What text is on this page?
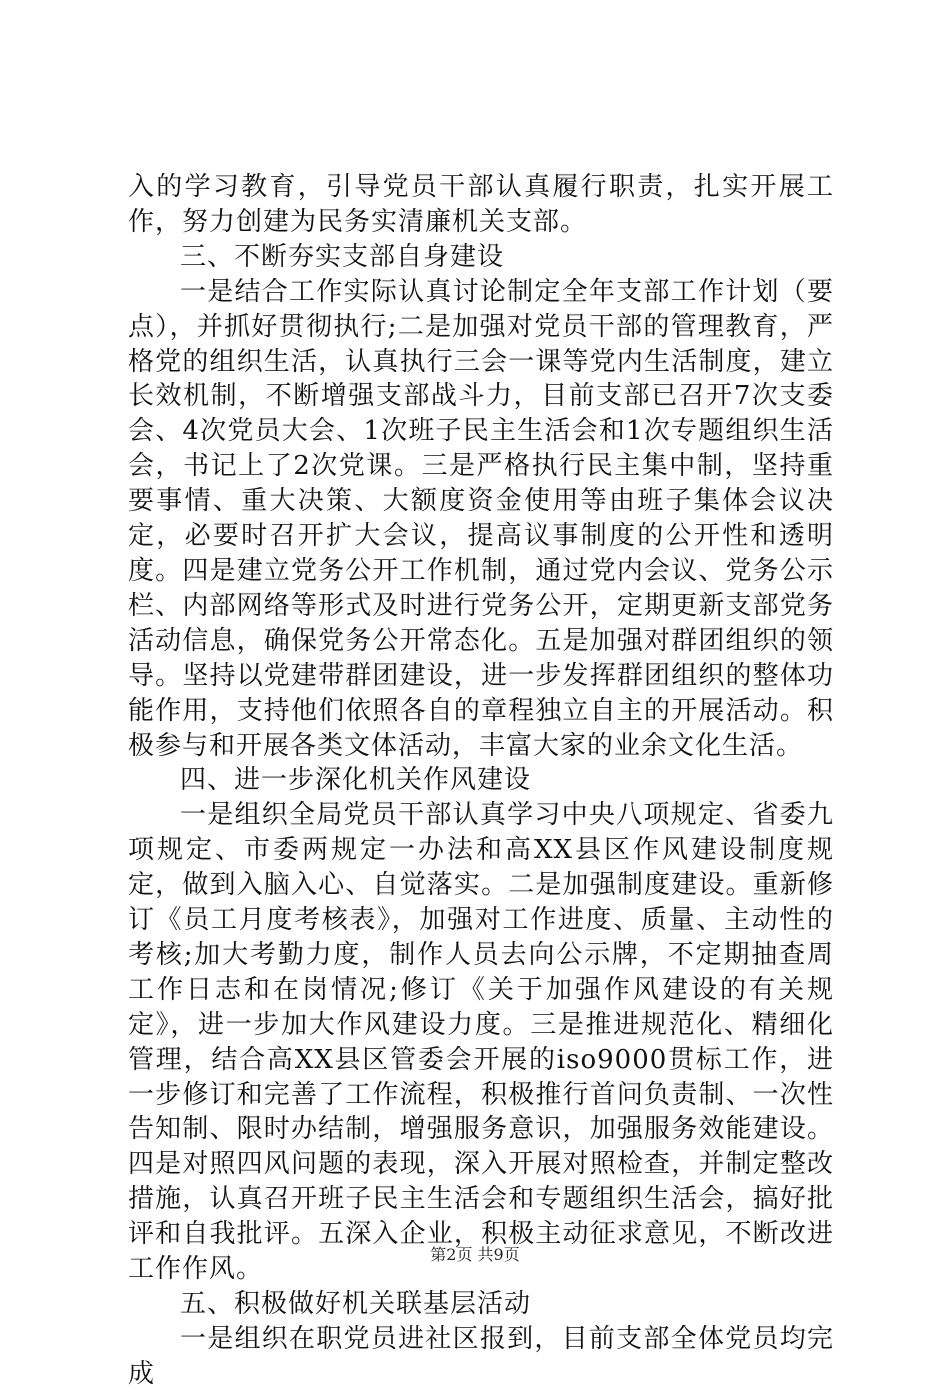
入的学习教育，引导党员干部认真履行职责，扎实开展工作，努力创建为民务实清廉机关支部。

三、不断夯实支部自身建设

一是结合工作实际认真讨论制定全年支部工作计划（要点），并抓好贯彻执行;二是加强对党员干部的管理教育，严格党的组织生活，认真执行三会一课等党内生活制度，建立长效机制，不断增强支部战斗力，目前支部已召开7次支委会、4次党员大会、1次班子民主生活会和1次专题组织生活会，书记上了2次党课。三是严格执行民主集中制，坚持重要事情、重大决策、大额度资金使用等由班子集体会议决定，必要时召开扩大会议，提高议事制度的公开性和透明度。四是建立党务公开工作机制，通过党内会议、党务公示栏、内部网络等形式及时进行党务公开，定期更新支部党务活动信息，确保党务公开常态化。五是加强对群团组织的领导。坚持以党建带群团建设，进一步发挥群团组织的整体功能作用，支持他们依照各自的章程独立自主的开展活动。积极参与和开展各类文体活动，丰富大家的业余文化生活。

四、进一步深化机关作风建设

一是组织全局党员干部认真学习中央八项规定、省委九项规定、市委两规定一办法和高XX县区作风建设制度规定，做到入脑入心、自觉落实。二是加强制度建设。重新修订《员工月度考核表》，加强对工作进度、质量、主动性的考核;加大考勤力度，制作人员去向公示牌，不定期抽查周工作日志和在岗情况;修订《关于加强作风建设的有关规定》，进一步加大作风建设力度。三是推进规范化、精细化管理，结合高XX县区管委会开展的iso9000贯标工作，进一步修订和完善了工作流程，积极推行首问负责制、一次性告知制、限时办结制，增强服务意识，加强服务效能建设。四是对照四风问题的表现，深入开展对照检查，并制定整改措施，认真召开班子民主生活会和专题组织生活会，搞好批评和自我批评。五深入企业，积极主动征求意见，不断改进工作作风。

五、积极做好机关联基层活动

一是组织在职党员进社区报到，目前支部全体党员均完成

第2页 共9页
